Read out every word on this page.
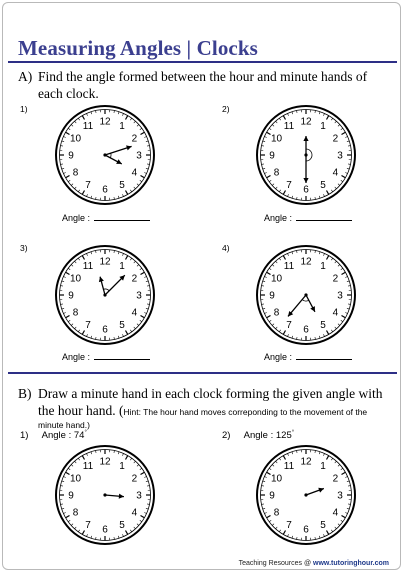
Measuring Angles | Clocks
A) Find the angle formed between the hour and minute hands of
each clock.
1)	2)
3)	4)
12 1
2
3
4
5
6
7
8
9
10
11	12 1
2
3
4
5
6
7
8
9
10
11
12 1
2
3
4
5
6
7
8
9
10
11	12 1
2
3
4
5
6
7
8
9
10
11
Angle :	Angle :
Angle :	Angle :
B) Draw a minute hand in each clock forming the given angle with
the hour hand. (Hint: The hour hand moves correponding to the movement of the
minute hand.)
1) Angle : 74°	2) Angle : 125°
12 1
2
3
4
5
6
7
8
9
10
11	12 1
2
3
4
5
6
7
8
9
10
11
Teaching Resources @ www.tutoringhour.com
